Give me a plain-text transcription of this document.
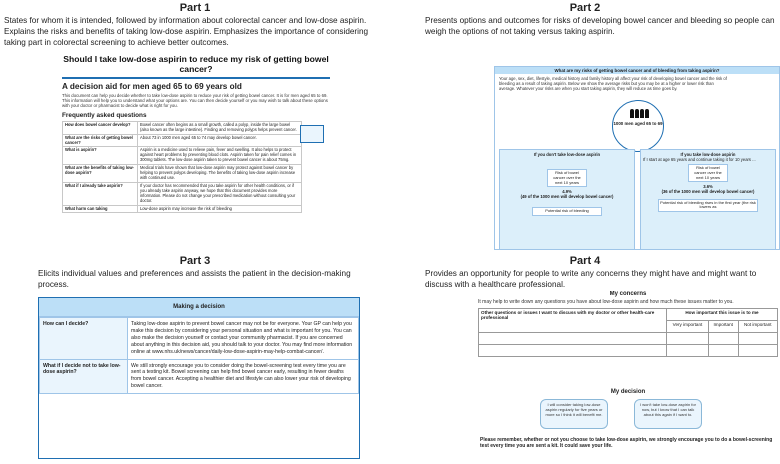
Part 1
States for whom it is intended, followed by information about colorectal cancer and low-dose aspirin. Explains the risks and benefits of taking low-dose aspirin. Emphasizes the importance of considering taking part in colorectal screening to achieve better outcomes.
Should I take low-dose aspirin to reduce my risk of getting bowel cancer?
A decision aid for men aged 65 to 69 years old

This document can help you decide whether to take low-dose aspirin to reduce your risk of getting bowel cancer. It is for men aged 65 to 69. This information will help you to understand what your options are. You can then decide yourself or you may wish to talk about these options with your doctor or pharmacist to decide what is right for you.

Frequently asked questions
How does bowel cancer develop?	Bowel cancer often begins as a small growth, called a polyp, inside the large bowel (also known as the large intestine). Finding and removing polyps helps prevent cancer.
What are the risks of getting bowel cancer?	About 73 in 1000 men aged 65 to 74 may develop bowel cancer.
What is aspirin?	Aspirin is a medicine used to relieve pain, fever and swelling. It also helps to protect against heart problems by preventing blood clots. Aspirin taken for pain relief comes in 300mg tablets. The low-dose aspirin taken to prevent bowel cancer is about 75mg.
What are the benefits of taking low-dose aspirin?	Medical trials have shown that low-dose aspirin may protect against bowel cancer by helping to prevent polyps developing. The benefits of taking low-dose aspirin increase with continued use.
What if I already take aspirin?	If your doctor has recommended that you take aspirin for other health conditions, or if you already take aspirin anyway, we hope that this document provides more information. Please do not change your prescribed medication without consulting your doctor.
What harm can taking	Low-dose aspirin may increase the risk of bleeding
Part 2
Presents options and outcomes for risks of developing bowel cancer and bleeding so people can weigh the options of not taking versus taking aspirin.
What are my risks of getting bowel cancer and of bleeding from taking aspirin?
Your age, sex, diet, lifestyle, medical history and family history all affect your risk of developing bowel cancer and the risk of bleeding as a result of taking aspirin. Below we show the average risks but you may be at a higher or lower risk than average. Whatever your risks are when you start taking aspirin, they will reduce as time goes by.
1000 men aged 65 to 69
If you don't take low-dose aspirin
Risk of bowel cancer over the next 10 years
4.9%
(49 of the 1000 men will develop bowel cancer)
Potential risk of bleeding
If you take low-dose aspirin
If I start at age 65 years and continue taking it for 10 years ...
Risk of bowel cancer over the next 10 years
3.6%
(36 of the 1000 men will develop bowel cancer)
Potential risk of bleeding rises in the first year (the risk lowers as
Part 3
Elicits individual values and preferences and assists the patient in the decision-making process.
Making a decision
How can I decide?	Taking low-dose aspirin to prevent bowel cancer may not be for everyone. Your GP can help you make this decision by considering your personal situation and what is important for you. You can also make the decision yourself or contact your community pharmacist. If you are concerned about anything in this decision aid, you should talk to your doctor. You may find more information online at www.nhs.uk/news/cancer/daily-low-dose-aspirin-may-help-combat-cancer/.
What if I decide not to take low-dose aspirin?	We still strongly encourage you to consider doing the bowel-screening test every time you are sent a testing kit. Bowel screening can help find bowel cancer early, resulting in fewer deaths from bowel cancer. Accepting a healthier diet and lifestyle can also lower your risk of developing bowel cancer.
Part 4
Provides an opportunity for people to write any concerns they might have and might want to discuss with a healthcare professional.
My concerns
It may help to write down any questions you have about low-dose aspirin and how much these issues matter to you.
Other questions or issues I want to discuss with my doctor or other health-care professional	How important this issue is to me		
	Very important	Important	Not important

My decision
I will consider taking low-dose aspirin regularly for five years or more so I think it will benefit me.
I won't take low-dose aspirin for now, but I know that I can talk about this again if I want to.
Please remember, whether or not you choose to take low-dose aspirin, we strongly encourage you to do a bowel-screening test every time you are sent a kit. It could save your life.
